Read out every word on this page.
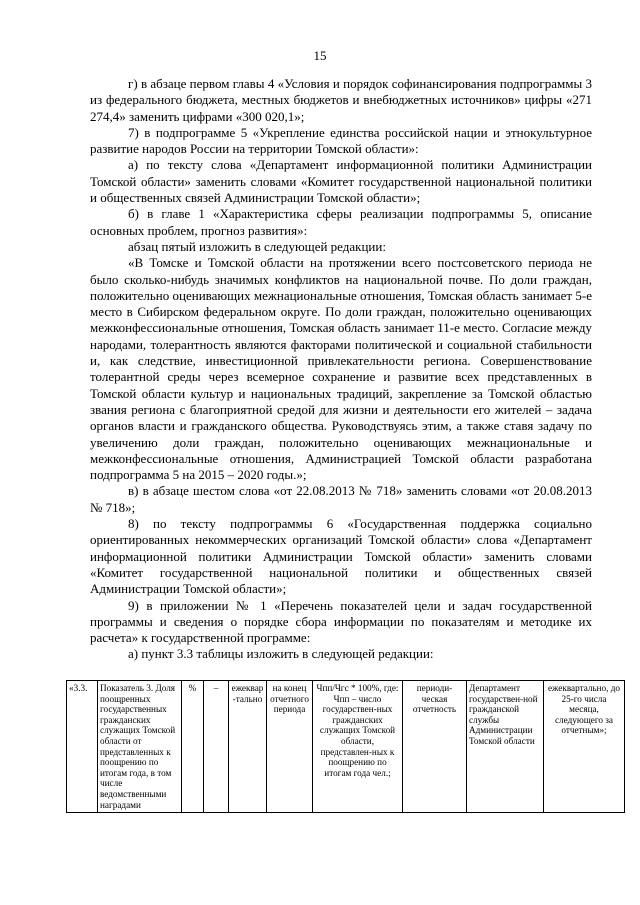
15

г) в абзаце первом главы 4 «Условия и порядок софинансирования подпрограммы 3 из федерального бюджета, местных бюджетов и внебюджетных источников» цифры «271 274,4» заменить цифрами «300 020,1»;

7) в подпрограмме 5 «Укрепление единства российской нации и этнокультурное развитие народов России на территории Томской области»:

а) по тексту слова «Департамент информационной политики Администрации Томской области» заменить словами «Комитет государственной национальной политики и общественных связей Администрации Томской области»;

б) в главе 1 «Характеристика сферы реализации подпрограммы 5, описание основных проблем, прогноз развития»:

абзац пятый изложить в следующей редакции:

«В Томске и Томской области на протяжении всего постсоветского периода не было сколько-нибудь значимых конфликтов на национальной почве. По доли граждан, положительно оценивающих межнациональные отношения, Томская область занимает 5-е место в Сибирском федеральном округе. По доли граждан, положительно оценивающих межконфессиональные отношения, Томская область занимает 11-е место. Согласие между народами, толерантность являются факторами политической и социальной стабильности и, как следствие, инвестиционной привлекательности региона. Совершенствование толерантной среды через всемерное сохранение и развитие всех представленных в Томской области культур и национальных традиций, закрепление за Томской областью звания региона с благоприятной средой для жизни и деятельности его жителей – задача органов власти и гражданского общества. Руководствуясь этим, а также ставя задачу по увеличению доли граждан, положительно оценивающих межнациональные и межконфессиональные отношения, Администрацией Томской области разработана подпрограмма 5 на 2015 – 2020 годы.»;

в) в абзаце шестом слова «от 22.08.2013 № 718» заменить словами «от 20.08.2013 № 718»;

8) по тексту подпрограммы 6 «Государственная поддержка социально ориентированных некоммерческих организаций Томской области» слова «Департамент информационной политики Администрации Томской области» заменить словами «Комитет государственной национальной политики и общественных связей Администрации Томской области»;

9) в приложении № 1 «Перечень показателей цели и задач государственной программы и сведения о порядке сбора информации по показателям и методике их расчета» к государственной программе:

а) пункт 3.3 таблицы изложить в следующей редакции:

«3.3.	Показатель 3. Доля поощренных государственных гражданских служащих Томской области от представленных к поощрению по итогам года, в том числе ведомственными наградами	%	–	ежеквар-тально	на конец отчетного периода	Чпп/Чгс * 100%, где: Чпп – число государствен-ных гражданских служащих Томской области, представлен-ных к поощрению по итогам года чел.;	периоди-ческая отчетность	Департамент государствен-ной гражданской службы Администрации Томской области	ежеквартально, до 25-го числа месяца, следующего за отчетным»;
